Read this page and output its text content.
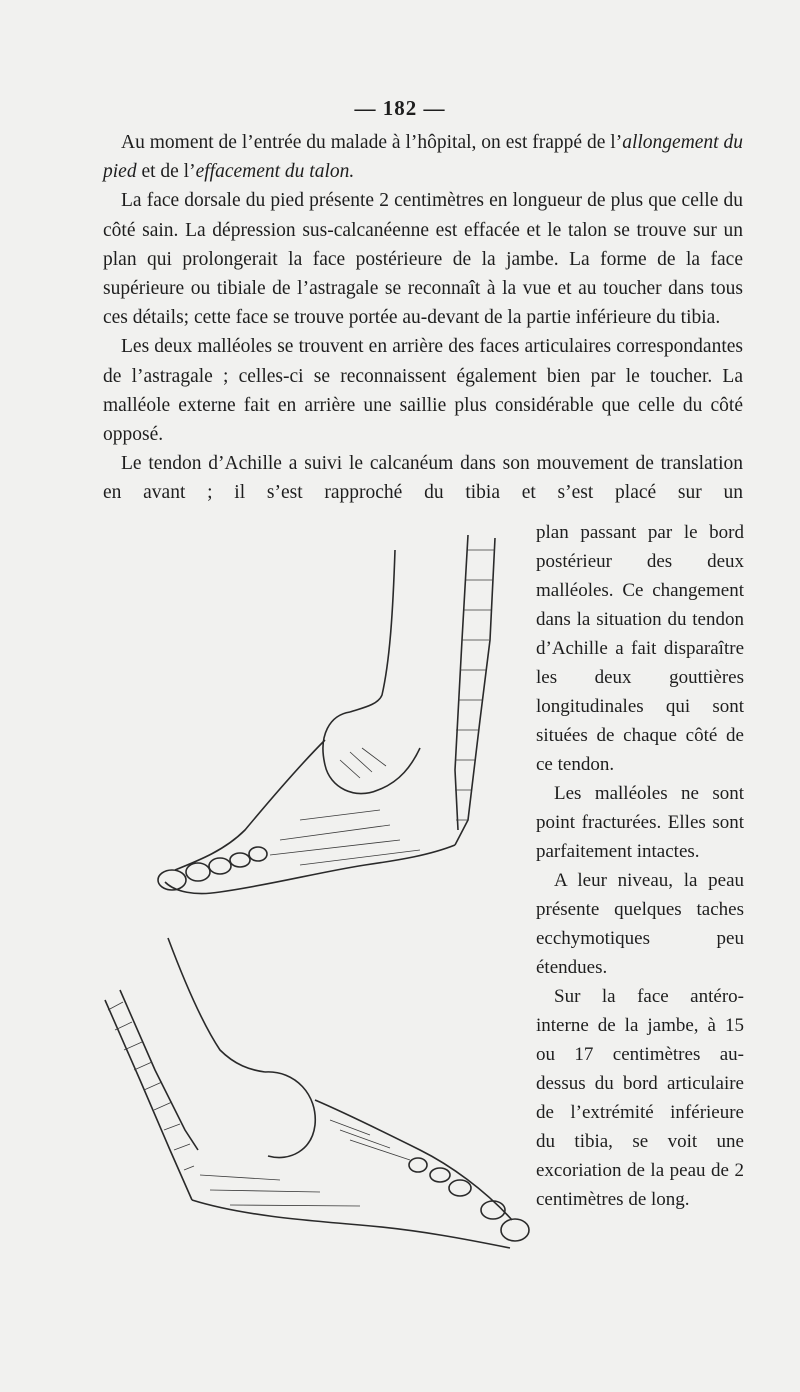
— 182 —

Au moment de l’entrée du malade à l’hôpital, on est frappé de l’allongement du pied et de l’effacement du talon.

La face dorsale du pied présente 2 centimètres en longueur de plus que celle du côté sain. La dépression sus-calcanéenne est effacée et le talon se trouve sur un plan qui prolongerait la face postérieure de la jambe. La forme de la face supérieure ou tibiale de l’astragale se reconnaît à la vue et au toucher dans tous ces détails; cette face se trouve portée au-devant de la partie inférieure du tibia.

Les deux malléoles se trouvent en arrière des faces articulaires correspondantes de l’astragale ; celles-ci se reconnaissent également bien par le toucher. La malléole externe fait en arrière une saillie plus considérable que celle du côté opposé.

Le tendon d’Achille a suivi le calcanéum dans son mouvement de translation en avant ; il s’est rapproché du tibia et s’est placé sur un

plan passant par le bord postérieur des deux malléoles. Ce changement dans la situation du tendon d’Achille a fait disparaître les deux gouttières longitudinales qui sont situées de chaque côté de ce tendon.

Les malléoles ne sont point fracturées. Elles sont parfaitement intactes.

A leur niveau, la peau présente quelques taches ecchymotiques peu étendues.

Sur la face antéro-interne de la jambe, à 15 ou 17 centimètres au-dessus du bord articulaire de l’extrémité inférieure du tibia, se voit une excoriation de la peau de 2 centimètres de long.
